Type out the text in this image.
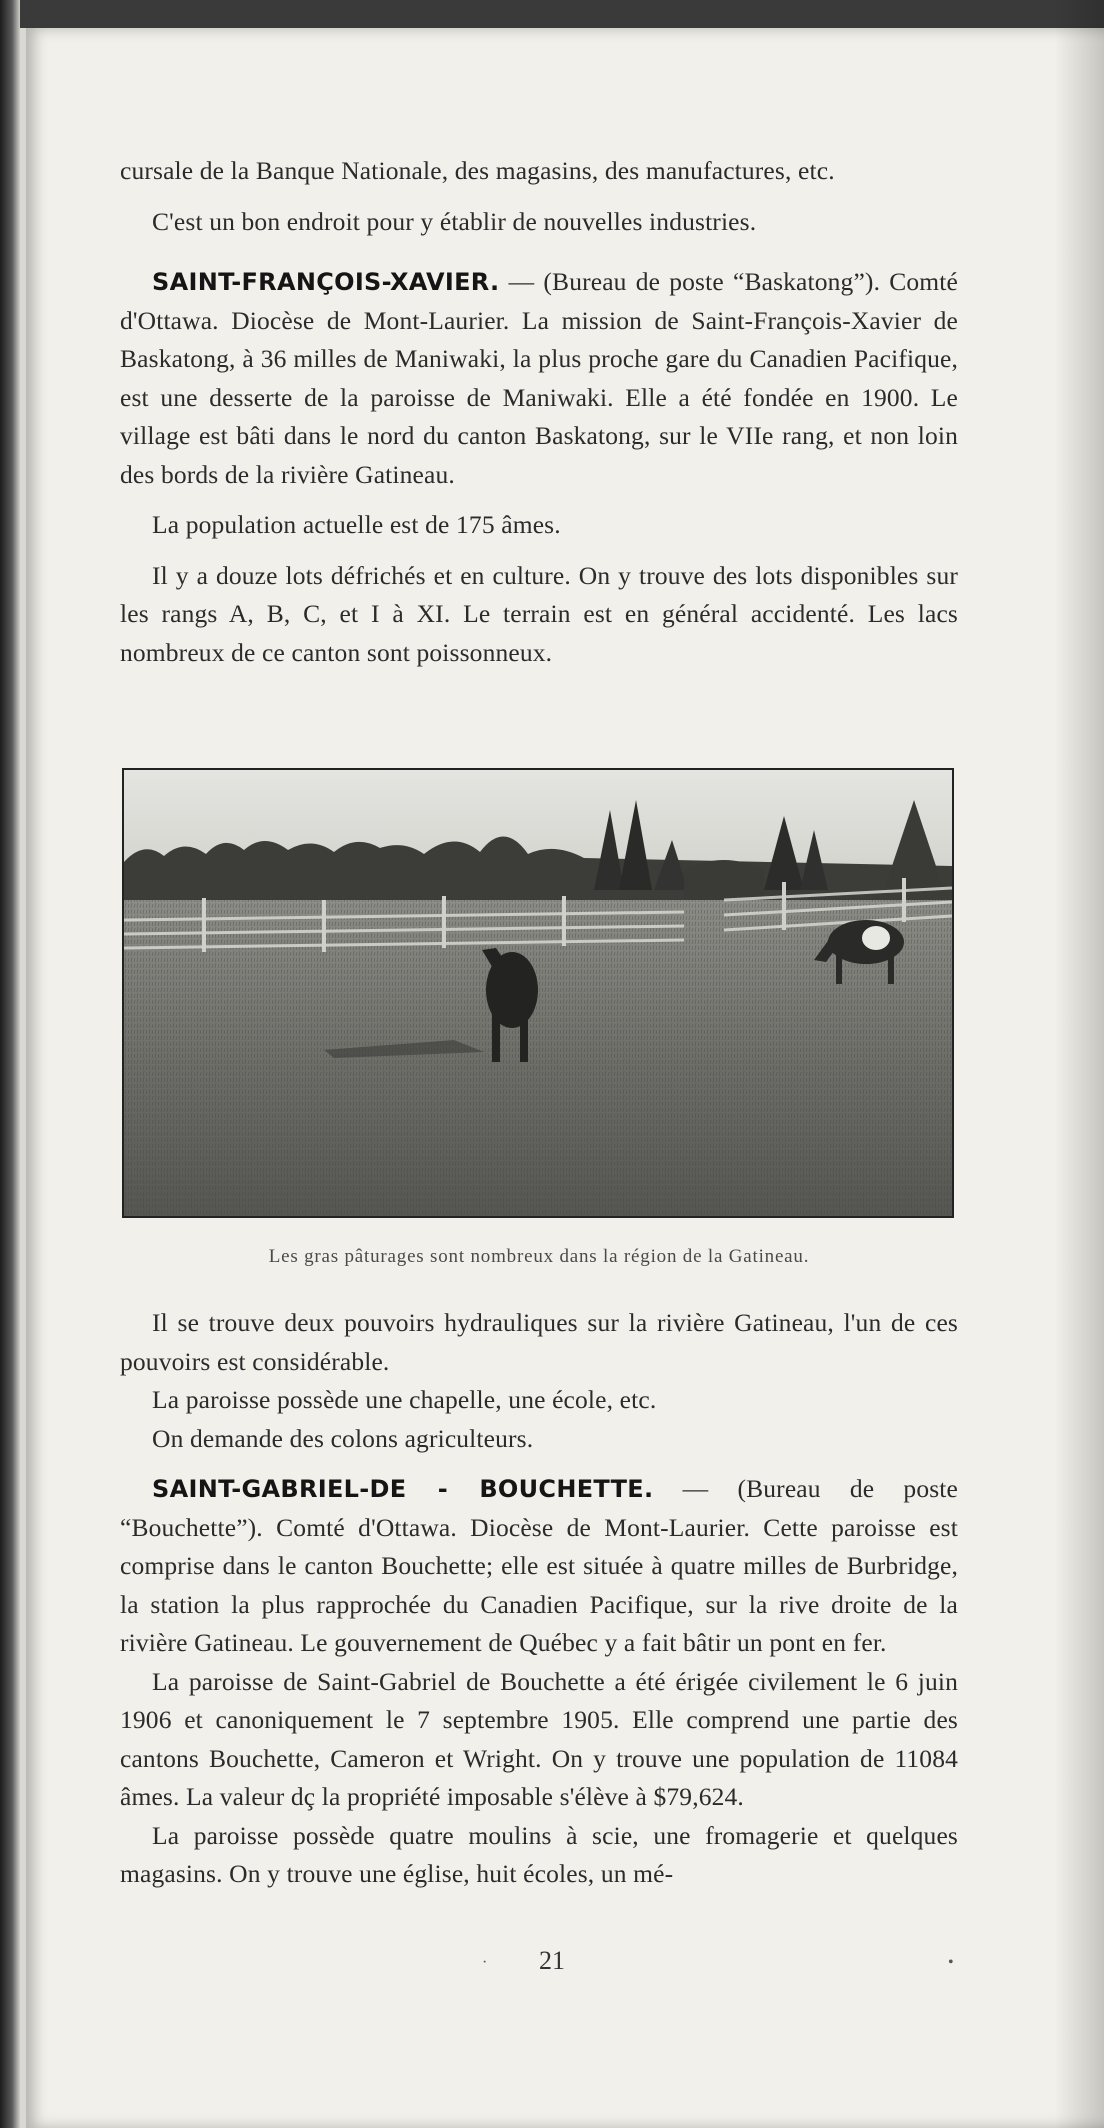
cursale de la Banque Nationale, des magasins, des manufactures, etc.

C'est un bon endroit pour y établir de nouvelles industries.

SAINT-FRANÇOIS-XAVIER. — (Bureau de poste “Baskatong”). Comté d'Ottawa. Diocèse de Mont-Laurier. La mission de Saint-François-Xavier de Baskatong, à 36 milles de Maniwaki, la plus proche gare du Canadien Pacifique, est une desserte de la paroisse de Maniwaki. Elle a été fondée en 1900. Le village est bâti dans le nord du canton Baskatong, sur le VIIe rang, et non loin des bords de la rivière Gatineau.

La population actuelle est de 175 âmes.

Il y a douze lots défrichés et en culture. On y trouve des lots disponibles sur les rangs A, B, C, et I à XI. Le terrain est en général accidenté. Les lacs nombreux de ce canton sont poissonneux.

Les gras pâturages sont nombreux dans la région de la Gatineau.

Il se trouve deux pouvoirs hydrauliques sur la rivière Gatineau, l'un de ces pouvoirs est considérable.

La paroisse possède une chapelle, une école, etc.

On demande des colons agriculteurs.

SAINT-GABRIEL-DE - BOUCHETTE. — (Bureau de poste “Bouchette”). Comté d'Ottawa. Diocèse de Mont-Laurier. Cette paroisse est comprise dans le canton Bouchette; elle est située à quatre milles de Burbridge, la station la plus rapprochée du Canadien Pacifique, sur la rive droite de la rivière Gatineau. Le gouvernement de Québec y a fait bâtir un pont en fer.

La paroisse de Saint-Gabriel de Bouchette a été érigée civilement le 6 juin 1906 et canoniquement le 7 septembre 1905. Elle comprend une partie des cantons Bouchette, Cameron et Wright. On y trouve une population de 11084 âmes. La valeur dç la propriété imposable s'élève à $79,624.

La paroisse possède quatre moulins à scie, une fromagerie et quelques magasins. On y trouve une église, huit écoles, un mé-

21
·	•
